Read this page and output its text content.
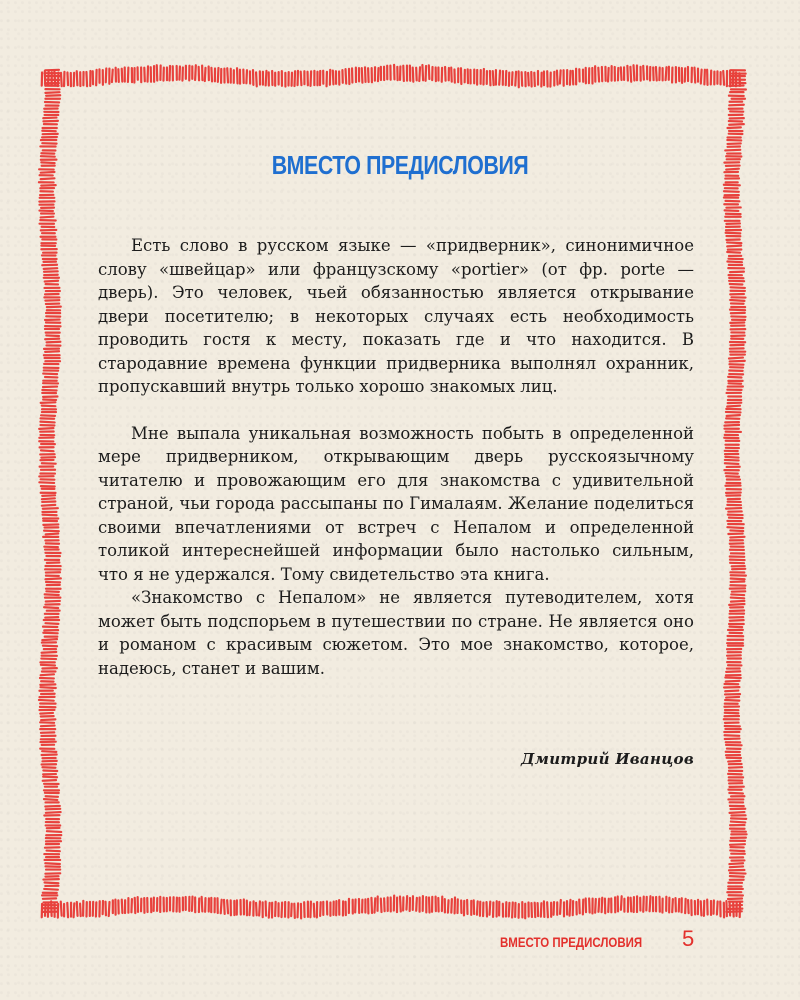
ВМЕСТО ПРЕДИСЛОВИЯ

Есть слово в русском языке — «придверник», синонимичное слову «швейцар» или французскому «portier» (от фр. porte — дверь). Это человек, чьей обязанностью является открывание двери посетителю; в некоторых случаях есть необходимость проводить гостя к месту, показать где и что находится. В стародавние времена функции придверника выполнял охранник, пропускавший внутрь только хорошо знакомых лиц.

Мне выпала уникальная возможность побыть в определенной мере придверником, открывающим дверь русскоязычному читателю и провожающим его для знакомства с удивительной страной, чьи города рассыпаны по Гималаям. Желание поделиться своими впечатлениями от встреч с Непалом и определенной толикой интереснейшей информации было настолько сильным, что я не удержался. Тому свидетельство эта книга.

«Знакомство с Непалом» не является путеводителем, хотя может быть подспорьем в путешествии по стране. Не является оно и романом с красивым сюжетом. Это мое знакомство, которое, надеюсь, станет и вашим.

Дмитрий Иванцов
ВМЕСТО ПРЕДИСЛОВИЯ 5
